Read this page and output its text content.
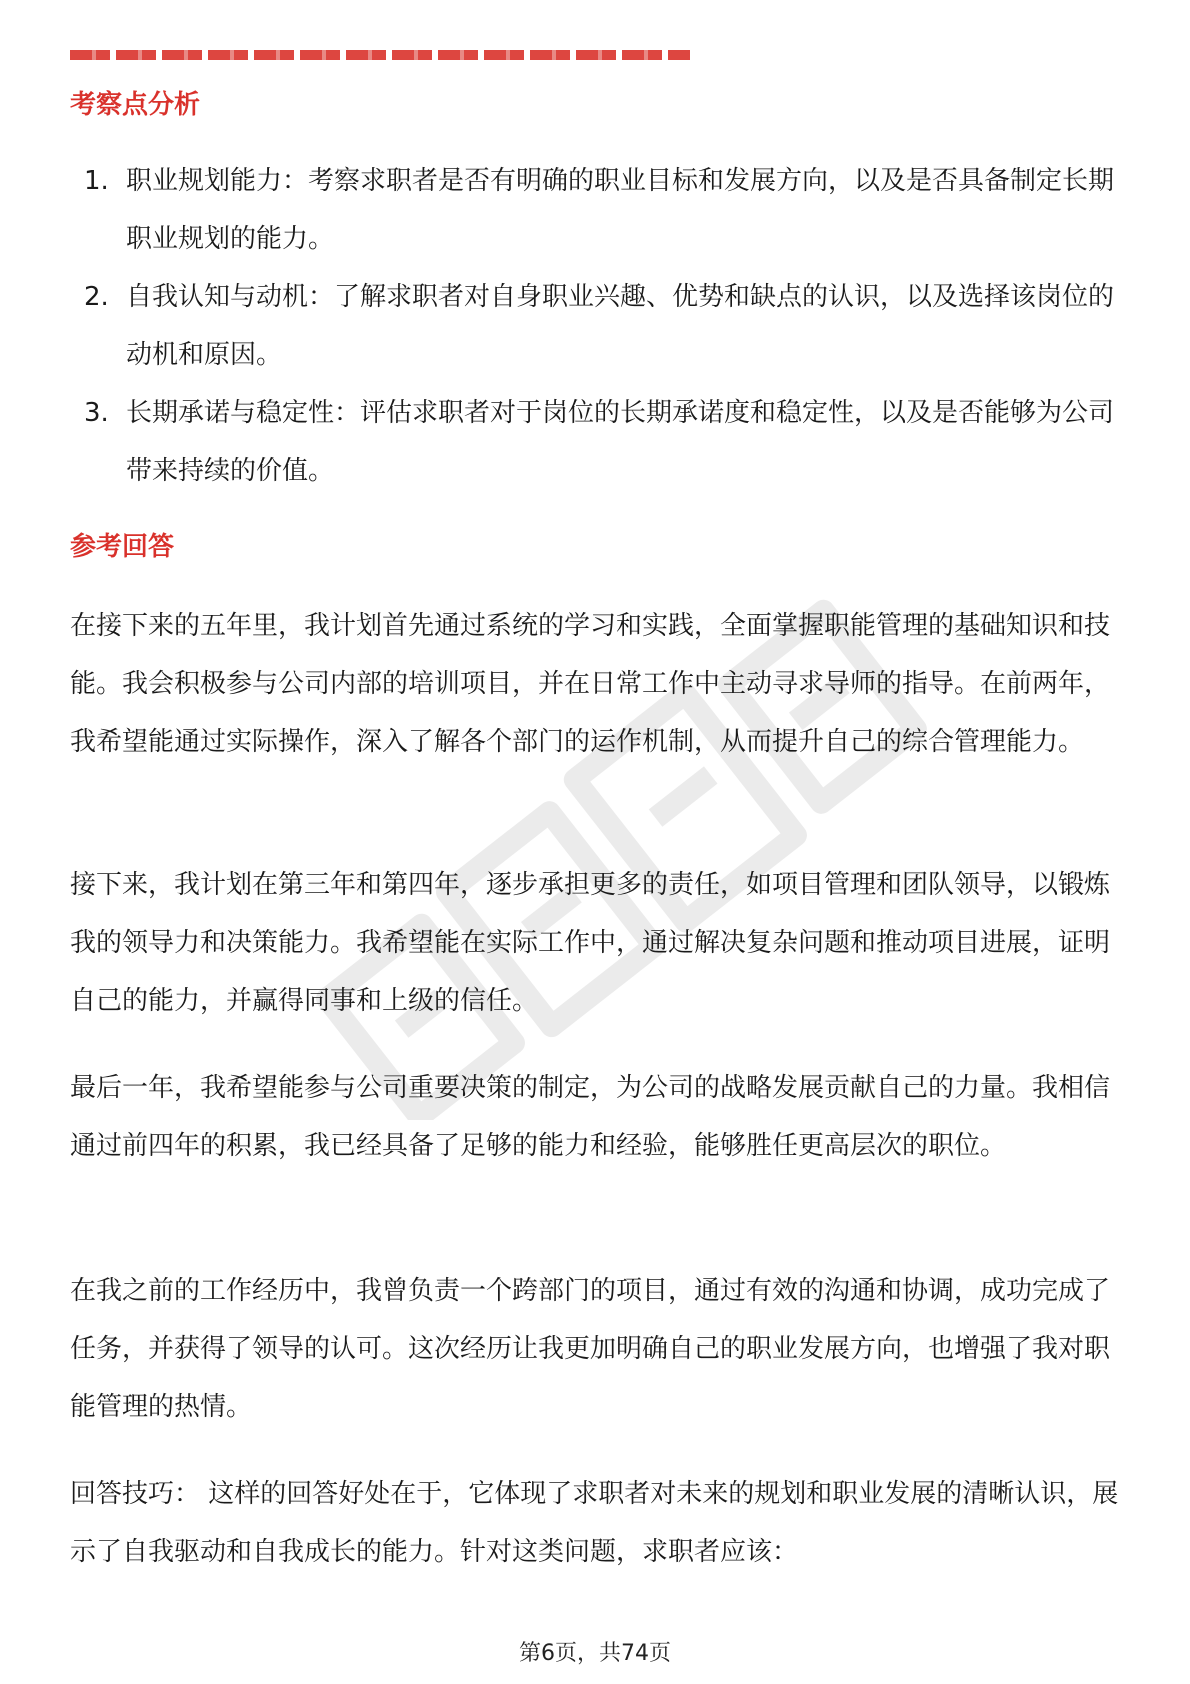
考察点分析
1. 职业规划能力：考察求职者是否有明确的职业目标和发展方向，以及是否具备制定长期职业规划的能力。
2. 自我认知与动机：了解求职者对自身职业兴趣、优势和缺点的认识，以及选择该岗位的动机和原因。
3. 长期承诺与稳定性：评估求职者对于岗位的长期承诺度和稳定性，以及是否能够为公司带来持续的价值。
参考回答

在接下来的五年里，我计划首先通过系统的学习和实践，全面掌握职能管理的基础知识和技能。我会积极参与公司内部的培训项目，并在日常工作中主动寻求导师的指导。在前两年，我希望能通过实际操作，深入了解各个部门的运作机制，从而提升自己的综合管理能力。

接下来，我计划在第三年和第四年，逐步承担更多的责任，如项目管理和团队领导，以锻炼我的领导力和决策能力。我希望能在实际工作中，通过解决复杂问题和推动项目进展，证明自己的能力，并赢得同事和上级的信任。

最后一年，我希望能参与公司重要决策的制定，为公司的战略发展贡献自己的力量。我相信通过前四年的积累，我已经具备了足够的能力和经验，能够胜任更高层次的职位。

在我之前的工作经历中，我曾负责一个跨部门的项目，通过有效的沟通和协调，成功完成了任务，并获得了领导的认可。这次经历让我更加明确自己的职业发展方向，也增强了我对职能管理的热情。

回答技巧： 这样的回答好处在于，它体现了求职者对未来的规划和职业发展的清晰认识，展示了自我驱动和自我成长的能力。针对这类问题，求职者应该：

第6页，共74页
